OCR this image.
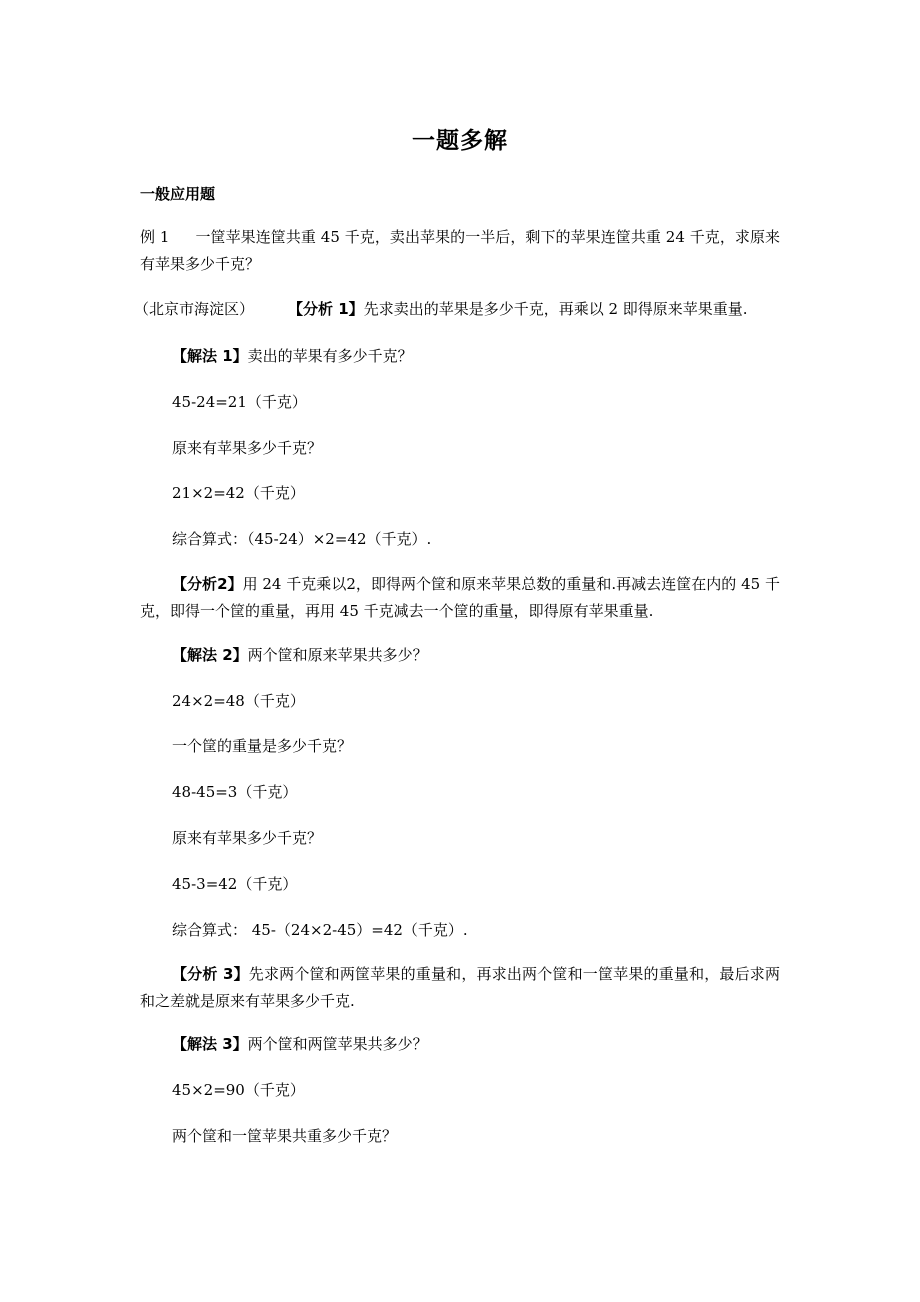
一题多解
一般应用题
例 1 一筐苹果连筐共重 45 千克，卖出苹果的一半后，剩下的苹果连筐共重 24 千克，求原来有苹果多少千克？
（北京市海淀区） 【分析 1】先求卖出的苹果是多少千克，再乘以 2 即得原来苹果重量.
【解法 1】卖出的苹果有多少千克？
45-24=21（千克）
原来有苹果多少千克？
21×2=42（千克）
综合算式：（45-24）×2=42（千克）.
【分析2】用 24 千克乘以2，即得两个筐和原来苹果总数的重量和.再减去连筐在内的 45 千克，即得一个筐的重量，再用 45 千克减去一个筐的重量，即得原有苹果重量.
【解法 2】两个筐和原来苹果共多少？
24×2=48（千克）
一个筐的重量是多少千克？
48-45=3（千克）
原来有苹果多少千克？
45-3=42（千克）
综合算式： 45-（24×2-45）=42（千克）.
【分析 3】先求两个筐和两筐苹果的重量和，再求出两个筐和一筐苹果的重量和，最后求两和之差就是原来有苹果多少千克.
【解法 3】两个筐和两筐苹果共多少？
45×2=90（千克）
两个筐和一筐苹果共重多少千克？
